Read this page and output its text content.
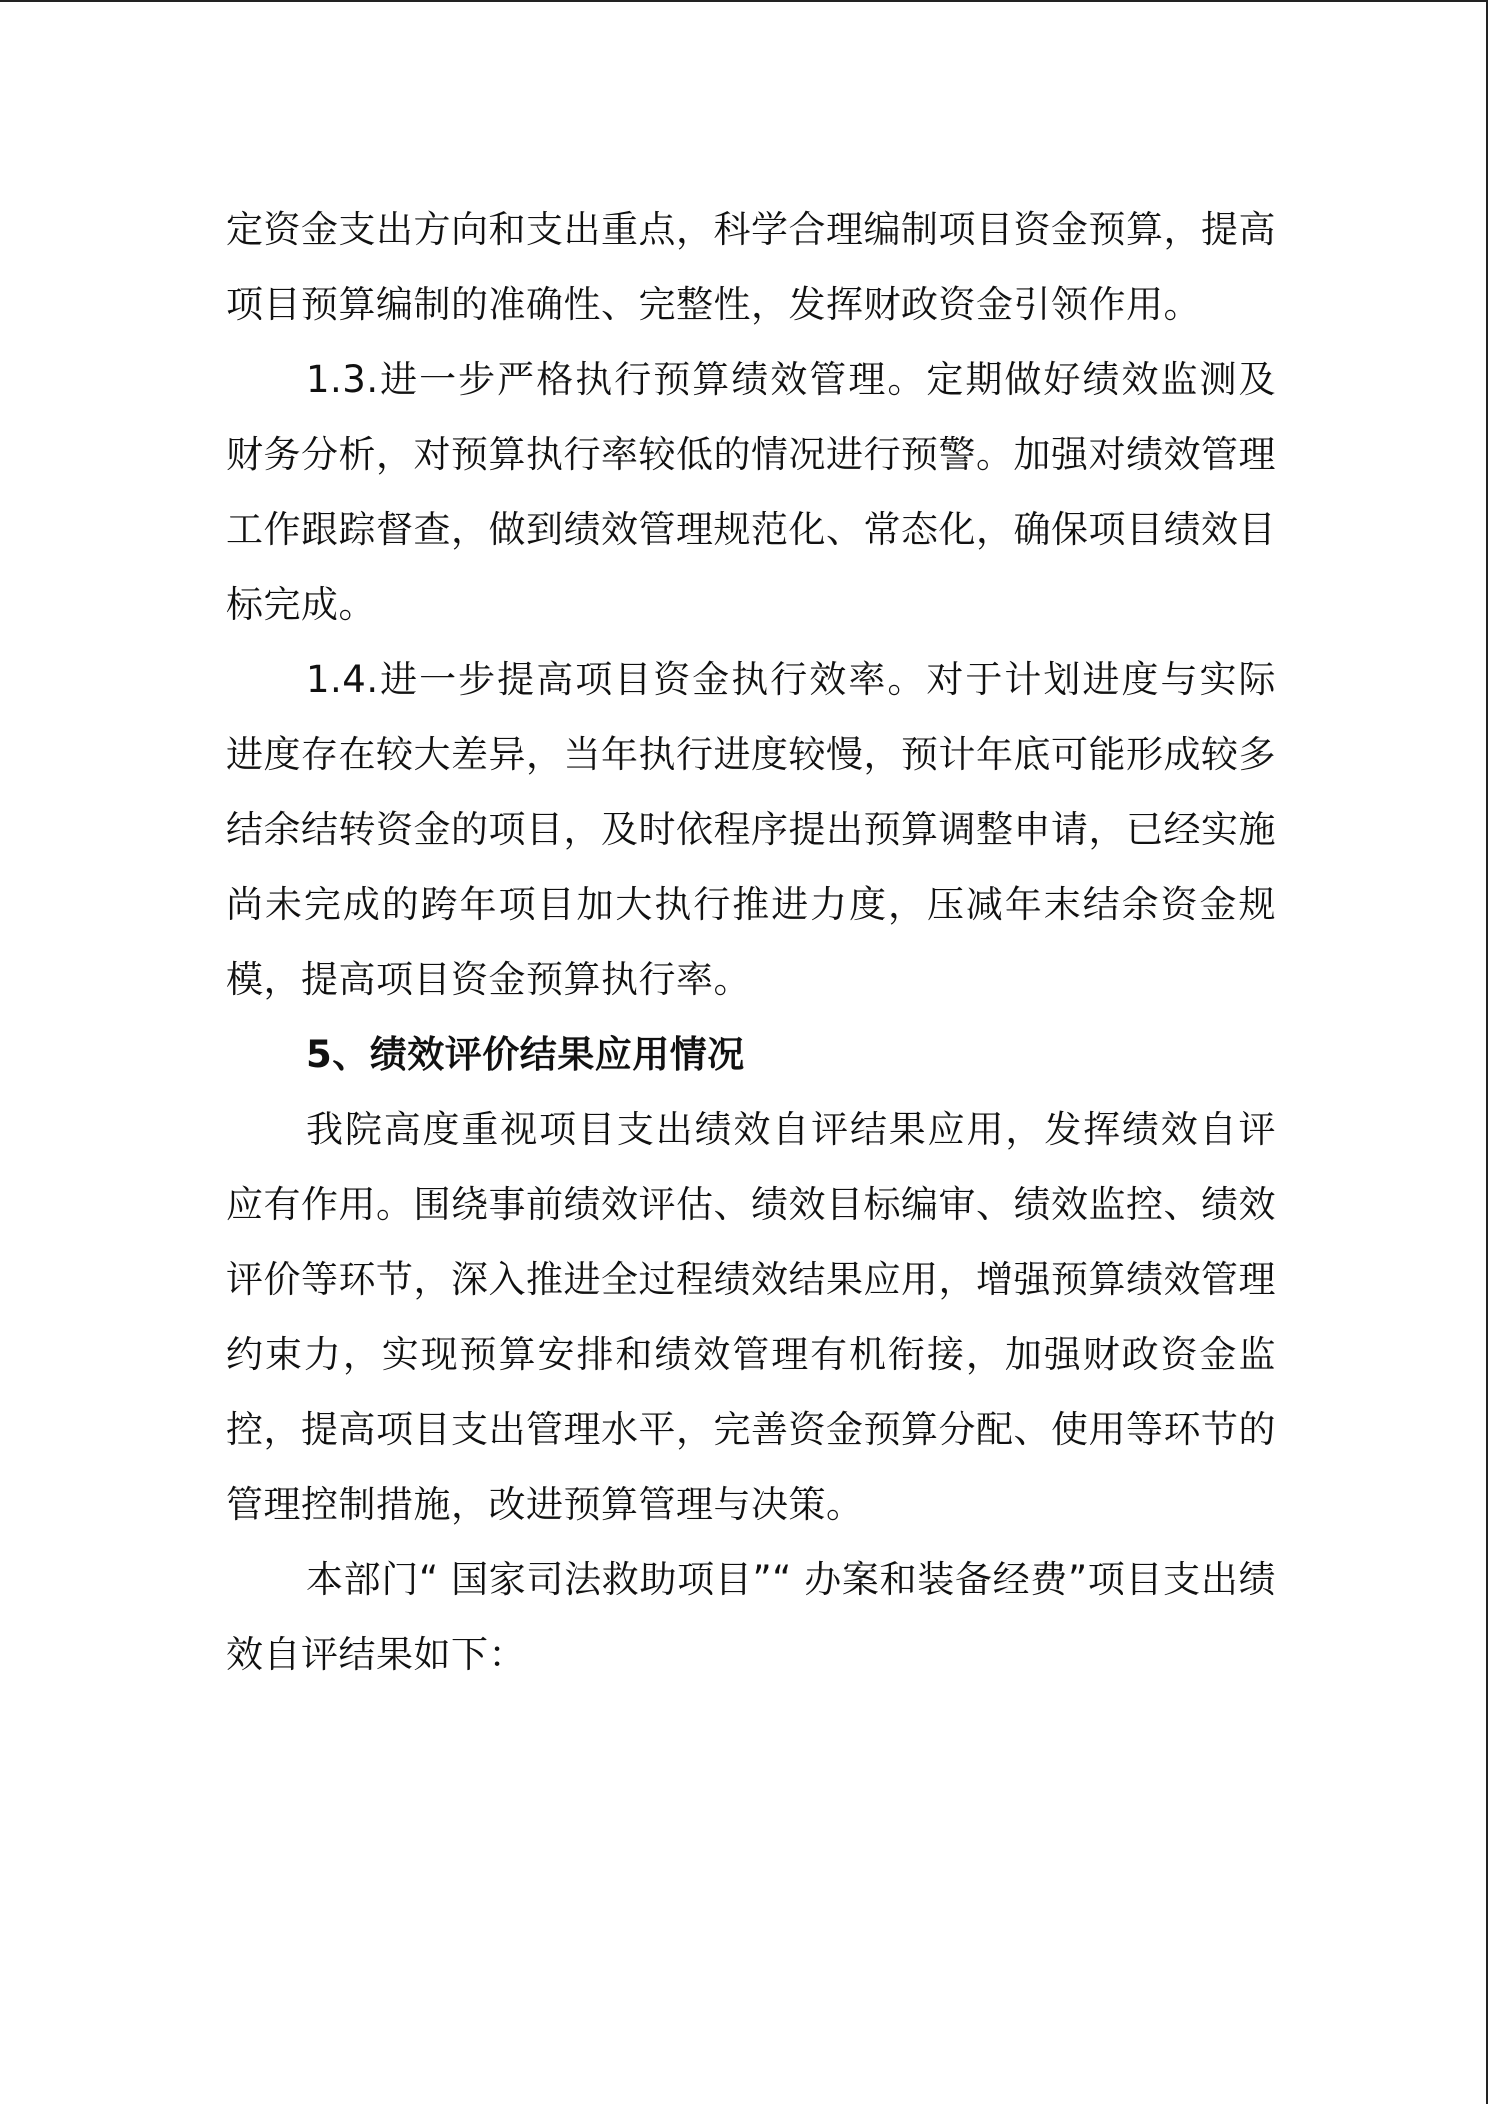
定资金支出方向和支出重点，科学合理编制项目资金预算，提高项目预算编制的准确性、完整性，发挥财政资金引领作用。

1.3.进一步严格执行预算绩效管理。定期做好绩效监测及财务分析，对预算执行率较低的情况进行预警。加强对绩效管理工作跟踪督查，做到绩效管理规范化、常态化，确保项目绩效目标完成。

1.4.进一步提高项目资金执行效率。对于计划进度与实际进度存在较大差异，当年执行进度较慢，预计年底可能形成较多结余结转资金的项目，及时依程序提出预算调整申请，已经实施尚未完成的跨年项目加大执行推进力度，压减年末结余资金规模，提高项目资金预算执行率。

5、绩效评价结果应用情况

我院高度重视项目支出绩效自评结果应用，发挥绩效自评应有作用。围绕事前绩效评估、绩效目标编审、绩效监控、绩效评价等环节，深入推进全过程绩效结果应用，增强预算绩效管理约束力，实现预算安排和绩效管理有机衔接，加强财政资金监控，提高项目支出管理水平，完善资金预算分配、使用等环节的管理控制措施，改进预算管理与决策。

本部门“ 国家司法救助项目”“ 办案和装备经费”项目支出绩效自评结果如下：
